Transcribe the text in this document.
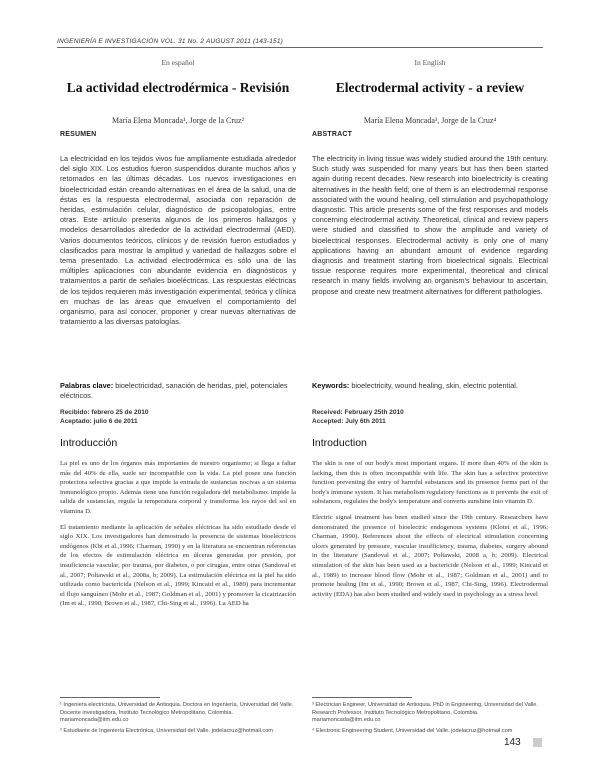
INGENIERÍA E INVESTIGACIÓN VOL. 31 No. 2 AUGUST 2011 (143-151)
En español
La actividad electrodérmica - Revisión
María Elena Moncada¹, Jorge de la Cruz²
RESUMEN
La electricidad en los tejidos vivos fue ampliamente estudiada alrededor del siglo XIX. Los estudios fueron suspendidos durante muchos años y retomados en las últimas décadas. Los nuevos investigaciones en bioelectricidad están creando alternativas en el área de la salud, una de éstas es la respuesta electrodermal, asociada con reparación de heridas, estimulación celular, diagnóstico de psicopatologías, entre otras. Este artículo presenta algunos de los primeros hallazgos y modelos desarrollados alrededor de la actividad electrodermal (AED). Varios documentos teóricos, clínicos y de revisión fueron estudiados y clasificados para mostrar la amplitud y variedad de hallazgos sobre el tema presentado. La actividad electrodérmica es sólo una de las múltiples aplicaciones con abundante evidencia en diagnósticos y tratamientos a partir de señales bioeléctricas. Las respuestas eléctricas de los tejidos requieren más investigación experimental, teórica y clínica en muchas de las áreas que envuelven el comportamiento del organismo, para así conocer, proponer y crear nuevas alternativas de tratamiento a las diversas patologías.
Palabras clave: bioelectricidad, sanación de heridas, piel, potenciales eléctricos.
Recibido: febrero 25 de 2010
Aceptado: julio 6 de 2011
Introducción

La piel es uno de los órganos más importantes de nuestro organismo; si llega a faltar más del 40% de ella, suele ser incompatible con la vida. La piel posee una función protectora selectiva gracias a que impide la entrada de sustancias nocivas a un sistema inmunológico propio. Además tiene una función reguladora del metabolismo: impide la salida de sustancias, regula la temperatura corporal y transforma los rayos del sol en vitamina D.

El tratamiento mediante la aplicación de señales eléctricas ha sido estudiado desde el siglo XIX. Los investigadores han demostrado la presencia de sistemas bioeléctricos endógenos (Kbt et al.,1996; Charman, 1990) y en la literatura se encuentran referencias de los efectos de estimulación eléctrica en úlceras generadas por presión, por insuficiencia vascular, por trauma, por diabetes, o por cirugías, entre otras (Sandoval et al., 2007; Poltawski et al., 2008a, b; 2009). La estimulación eléctrica en la piel ha sido utilizada como bactericida (Nelson et al., 1999; Kincaid et al., 1989) para incrementar el flujo sanguíneo (Mohr et al., 1987; Goldman et al., 2001) y promover la cicatrización (Im et al., 1990; Brown et al., 1987, Chi-Sing et al., 1996). La AED ha

¹ Ingeniera electricista, Universidad de Antioquia. Doctora en Ingeniería, Universidad del Valle. Docente investigadora, Instituto Tecnológico Metropolitano, Colombia. mariamoncada@itm.edu.co

² Estudiante de Ingeniería Electrónica, Universidad del Valle. jodelacruz@hotmail.com

In English
Electrodermal activity - a review
María Elena Moncada³, Jorge de la Cruz⁴
ABSTRACT
The electricity in living tissue was widely studied around the 19th century. Such study was suspended for many years but has then been started again during recent decades. New research into bioelectricity is creating alternatives in the health field; one of them is an electrodermal response associated with the wound healing, cell stimulation and psychopathology diagnostic. This article presents some of the first responses and models concerning electrodermal activity. Theoretical, clinical and review papers were studied and classified to show the amplitude and variety of bioelectrical responses. Electrodermal activity is only one of many applications having an abundant amount of evidence regarding diagnosis and treatment starting from bioelectrical signals. Electrical tissue response requires more experimental, theoretical and clinical research in many fields involving an organism's behaviour to ascertain, propose and create new treatment alternatives for different pathologies.
Keywords: bioelectricity, wound healing, skin, electric potential.
Received: February 25th 2010
Accepted: July 6th 2011
Introduction

The skin is one of our body's most important organs. If more than 40% of the skin is lacking, then this is often incompatible with life. The skin has a selective protective function preventing the entry of harmful substances and its presence forms part of the body's immune system. It has metabolism regulatory functions as it prevents the exit of substances, regulates the body's temperature and converts sunshine into vitamin D.

Electric signal treatment has been studied since the 19th century. Researchers have demonstrated the presence of bioelectric endogenous systems (Klotet et al., 1996; Charman, 1990). References about the effects of electrical stimulation concerning ulcers generated by pressure, vascular insufficiency, trauma, diabetes, surgery abound in the literature (Sandoval et al., 2007; Poltawski, 2008 a, b; 2009). Electrical stimulation of the skin has been used as a bactericide (Nelson et al., 1999; Kincaid et al., 1989) to increase blood flow (Mohr et al., 1987; Goldman et al., 2001) and to promote healing (Im et al., 1990; Brown et al., 1987, Chi-Sing, 1996). Electrodermal activity (EDA) has also been studied and widely used in psychology as a stress level

³ Electrician Engineer, Universidad de Antioquia. PhD in Engineering, Universidad del Valle. Research Professor, Instituto Tecnológico Metropolitano, Colombia. mariamoncada@itm.edu.co

⁴ Electronic Engineering Student, Universidad del Valle. jodelacruz@hotmail.com

143
